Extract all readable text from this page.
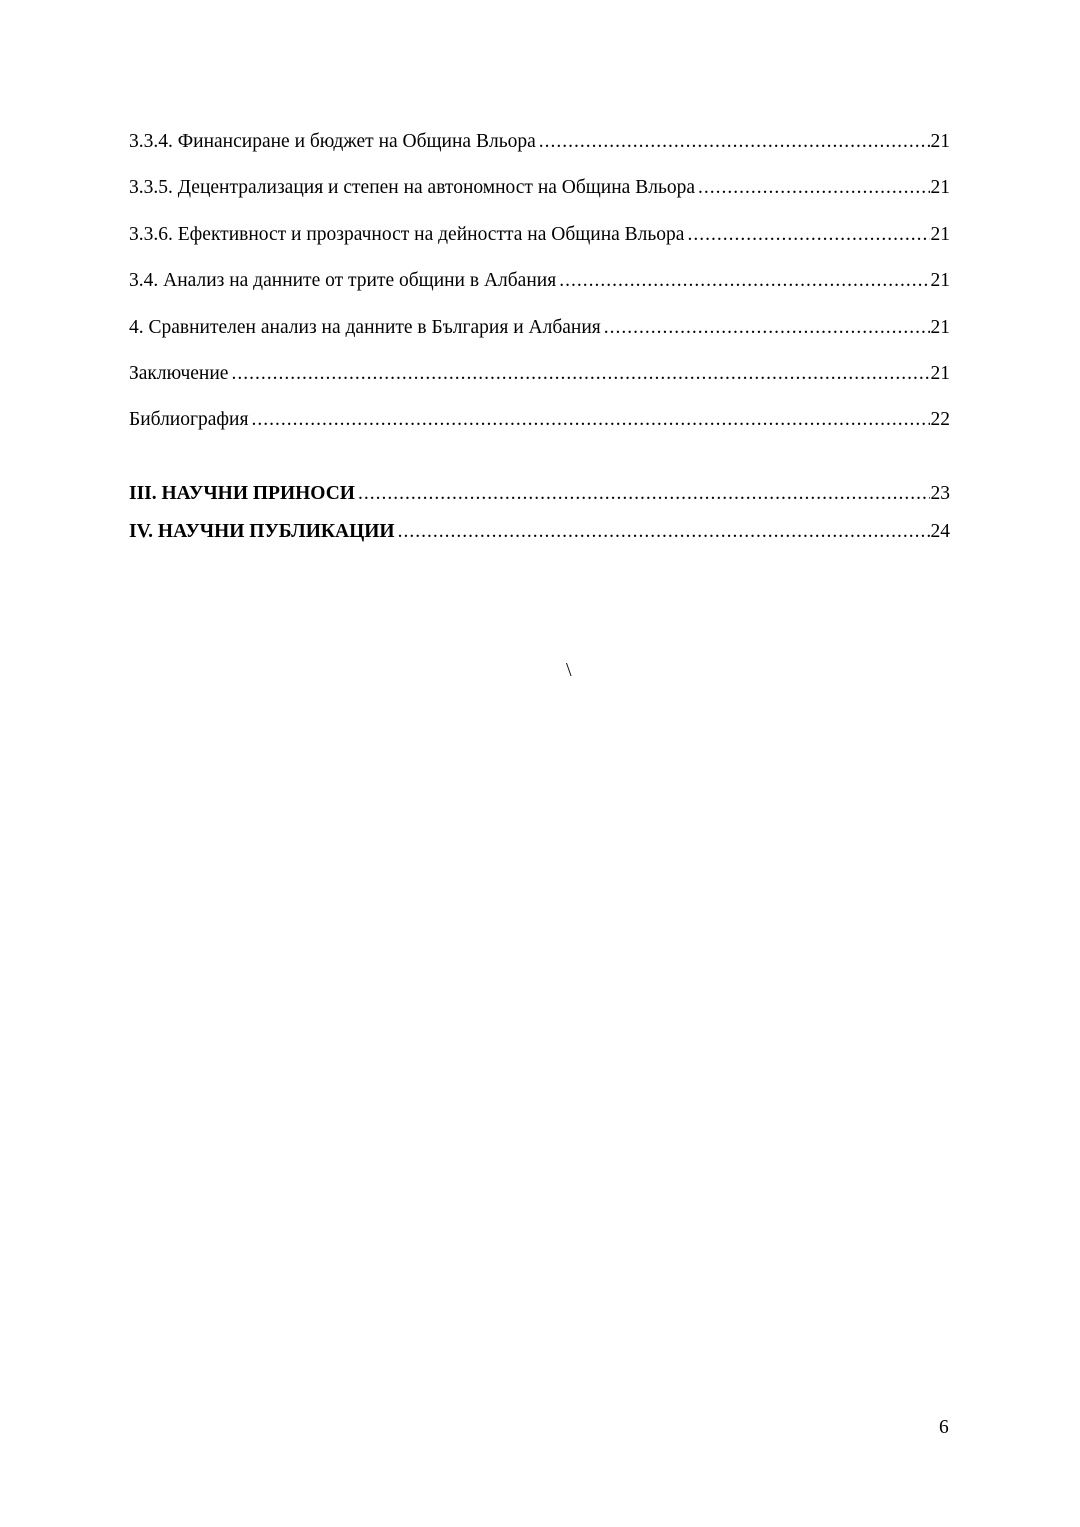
3.3.4. Финансиране и бюджет на Община Вльора .....	21
3.3.5. Децентрализация и степен на автономност на Община Вльора .....	21
3.3.6. Ефективност и прозрачност на дейността на Община Вльора .....	21
3.4. Анализ на данните от трите общини в Албания .....	21
4. Сравнителен анализ на данните в България и Албания .....	21
Заключение .....	21
Библиография .....	22
III. НАУЧНИ ПРИНОСИ .....	23
IV. НАУЧНИ ПУБЛИКАЦИИ .....	24
\
6
